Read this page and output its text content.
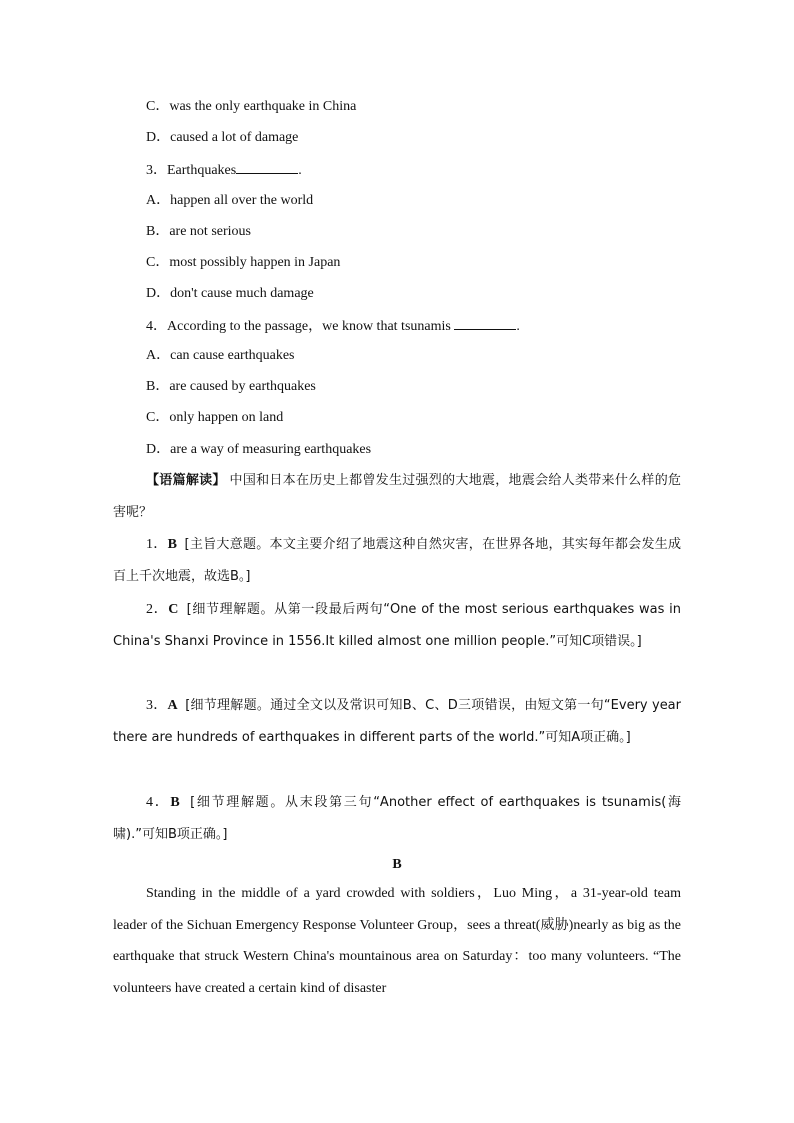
C．was the only earthquake in China
D．caused a lot of damage
3．Earthquakes	.
A．happen all over the world
B．are not serious
C．most possibly happen in Japan
D．don't cause much damage
4．According to the passage，we know that tsunamis	.
A．can cause earthquakes
B．are caused by earthquakes
C．only happen on land
D．are a way of measuring earthquakes
【语篇解读】 中国和日本在历史上都曾发生过强烈的大地震，地震会给人类带来什么样的危害呢？
1．B [主旨大意题。本文主要介绍了地震这种自然灾害，在世界各地，其实每年都会发生成百上千次地震，故选B。]
2．C [细节理解题。从第一段最后两句“One of the most serious earthquakes was in China's Shanxi Province in 1556.It killed almost one million people.”可知C项错误。]
3．A [细节理解题。通过全文以及常识可知B、C、D三项错误，由短文第一句“Every year there are hundreds of earthquakes in different parts of the world.”可知A项正确。]
4．B [细节理解题。从末段第三句“Another effect of earthquakes is tsunamis(海啸).”可知B项正确。]
B
Standing in the middle of a yard crowded with soldiers，Luo Ming，a 31-year-old team leader of the Sichuan Emergency Response Volunteer Group，sees a threat(威胁)nearly as big as the earthquake that struck Western China's mountainous area on Saturday：too many volunteers. “The volunteers have created a certain kind of disaster
